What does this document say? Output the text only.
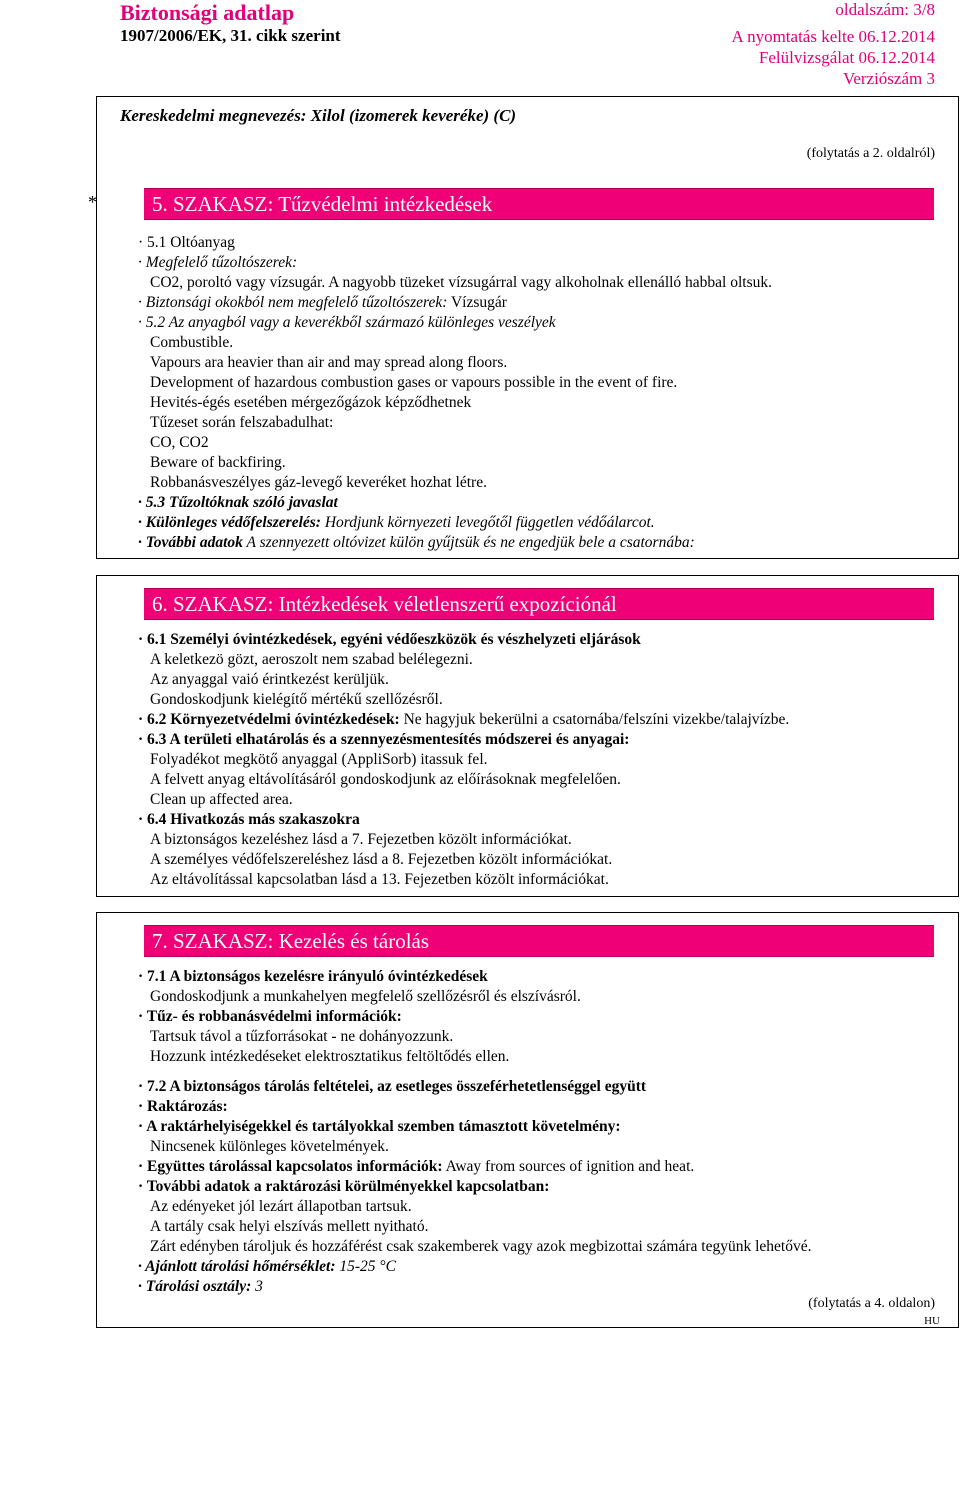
Biztonsági adatlap
1907/2006/EK, 31. cikk szerint
oldalszám: 3/8
A nyomtatás kelte 06.12.2014
Felülvizsgálat 06.12.2014
Verziószám 3
Kereskedelmi megnevezés: Xilol (izomerek keveréke) (C)
(folytatás a 2. oldalról)
*	5. SZAKASZ: Tűzvédelmi intézkedések
· 5.1 Oltóanyag
· Megfelelő tűzoltószerek:
CO2, poroltó vagy vízsugár. A nagyobb tüzeket vízsugárral vagy alkoholnak ellenálló habbal oltsuk.
· Biztonsági okokból nem megfelelő tűzoltószerek: Vízsugár
· 5.2 Az anyagból vagy a keverékből származó különleges veszélyek
Combustible.
Vapours ara heavier than air and may spread along floors.
Development of hazardous combustion gases or vapours possible in the event of fire.
Hevités-égés esetében mérgezőgázok képződhetnek
Tűzeset során felszabadulhat:
CO, CO2
Beware of backfiring.
Robbanásveszélyes gáz-levegő keveréket hozhat létre.
· 5.3 Tűzoltóknak szóló javaslat
· Különleges védőfelszerelés: Hordjunk környezeti levegőtől független védőálarcot.
· További adatok A szennyezett oltóvizet külön gyűjtsük és ne engedjük bele a csatornába:
6. SZAKASZ: Intézkedések véletlenszerű expozíciónál
· 6.1 Személyi óvintézkedések, egyéni védőeszközök és vészhelyzeti eljárások
A keletkezö gözt, aeroszolt nem szabad belélegezni.
Az anyaggal vaió érintkezést kerüljük.
Gondoskodjunk kielégítő mértékű szellőzésről.
· 6.2 Környezetvédelmi óvintézkedések: Ne hagyjuk bekerülni a csatornába/felszíni vizekbe/talajvízbe.
· 6.3 A területi elhatárolás és a szennyezésmentesítés módszerei és anyagai:
Folyadékot megkötő anyaggal (AppliSorb) itassuk fel.
A felvett anyag eltávolításáról gondoskodjunk az előírásoknak megfelelően.
Clean up affected area.
· 6.4 Hivatkozás más szakaszokra
A biztonságos kezeléshez lásd a 7. Fejezetben közölt információkat.
A személyes védőfelszereléshez lásd a 8. Fejezetben közölt információkat.
Az eltávolítással kapcsolatban lásd a 13. Fejezetben közölt információkat.
7. SZAKASZ: Kezelés és tárolás
· 7.1 A biztonságos kezelésre irányuló óvintézkedések
Gondoskodjunk a munkahelyen megfelelő szellőzésről és elszívásról.
· Tűz- és robbanásvédelmi információk:
Tartsuk távol a tűzforrásokat - ne dohányozzunk.
Hozzunk intézkedéseket elektrosztatikus feltöltődés ellen.
· 7.2 A biztonságos tárolás feltételei, az esetleges összeférhetetlenséggel együtt
· Raktározás:
· A raktárhelyiségekkel és tartályokkal szemben támasztott követelmény:
Nincsenek különleges követelmények.
· Együttes tárolással kapcsolatos információk: Away from sources of ignition and heat.
· További adatok a raktározási körülményekkel kapcsolatban:
Az edényeket jól lezárt állapotban tartsuk.
A tartály csak helyi elszívás mellett nyitható.
Zárt edényben tároljuk és hozzáférést csak szakemberek vagy azok megbizottai számára tegyünk lehetővé.
· Ajánlott tárolási hőmérséklet: 15-25 °C
· Tárolási osztály: 3
(folytatás a 4. oldalon)
HU
